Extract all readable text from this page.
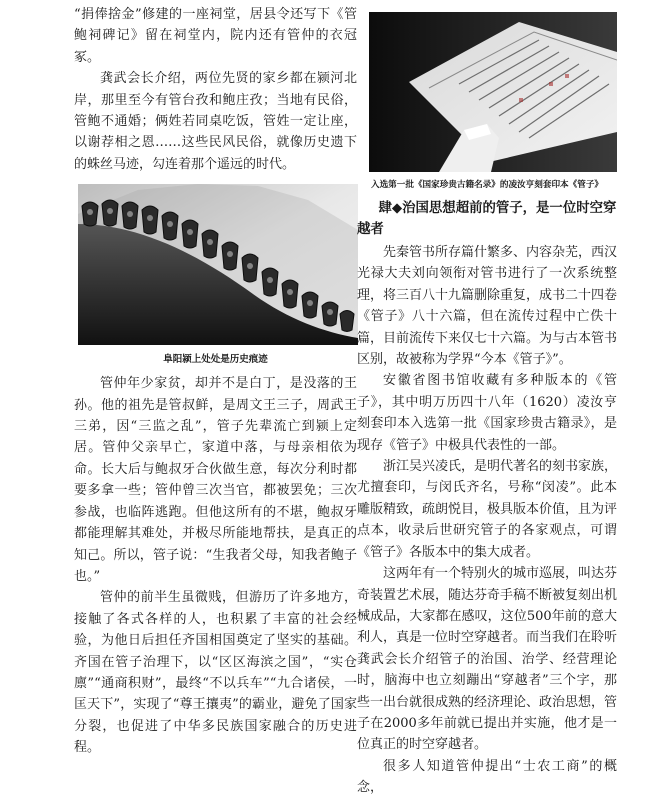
“捐俸捨金”修建的一座祠堂，居县令还写下《管鲍祠碑记》留在祠堂内，院内还有管仲的衣冠冢。

龚武会长介绍，两位先贤的家乡都在颍河北岸，那里至今有管台孜和鲍庄孜；当地有民俗，管鲍不通婚；俩姓若同桌吃饭，管姓一定让座，以谢荐相之恩……这些民风民俗，就像历史遗下的蛛丝马迹，勾连着那个遥远的时代。

阜阳颍上处处是历史痕迹

管仲年少家贫，却并不是白丁，是没落的王孙。他的祖先是管叔鲜，是周文王三子，周武王三弟，因“三监之乱”，管子先辈流亡到颍上定居。管仲父亲早亡，家道中落，与母亲相依为命。长大后与鲍叔牙合伙做生意，每次分利时都要多拿一些；管仲曾三次当官，都被罢免；三次参战，也临阵逃跑。但他这所有的不堪，鲍叔牙都能理解其难处，并极尽所能地帮扶，是真正的知己。所以，管子说：“生我者父母，知我者鲍子也。”

管仲的前半生虽微贱，但游历了许多地方，接触了各式各样的人，也积累了丰富的社会经验，为他日后担任齐国相国奠定了坚实的基础。齐国在管子治理下，以“区区海滨之国”，“实仓廪”“通商积财”，最终“不以兵车”“九合诸侯，一匡天下”，实现了“尊王攘夷”的霸业，避免了国家分裂，也促进了中华多民族国家融合的历史进程。

入选第一批《国家珍贵古籍名录》的凌汝亨刻套印本《管子》
肆◆治国思想超前的管子，是一位时空穿越者

先秦管书所存篇什繁多、内容杂芜，西汉光禄大夫刘向领衔对管书进行了一次系统整理，将三百八十九篇删除重复，成书二十四卷《管子》八十六篇，但在流传过程中亡佚十篇，目前流传下来仅七十六篇。为与古本管书区别，故被称为学界“今本《管子》”。

安徽省图书馆收藏有多种版本的《管子》，其中明万历四十八年（1620）凌汝亨刻套印本入选第一批《国家珍贵古籍录》，是现存《管子》中极具代表性的一部。

浙江吴兴凌氏，是明代著名的刻书家族，尤擅套印，与闵氏齐名，号称“闵凌”。此本雕版精致，疏朗悦目，极具版本价值，且为评点本，收录后世研究管子的各家观点，可谓《管子》各版本中的集大成者。

这两年有一个特别火的城市巡展，叫达芬奇装置艺术展，随达芬奇手稿不断被复刻出机械成品，大家都在感叹，这位500年前的意大利人，真是一位时空穿越者。而当我们在聆听龚武会长介绍管子的治国、治学、经营理论时，脑海中也立刻蹦出“穿越者”三个字，那些一出台就很成熟的经济理论、政治思想，管子在2000多年前就已提出并实施，他才是一位真正的时空穿越者。

很多人知道管仲提出“士农工商”的概念，
